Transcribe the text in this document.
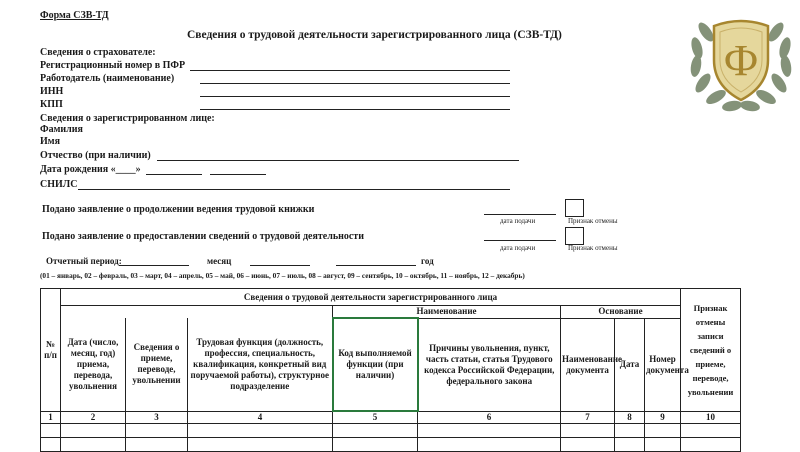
Форма СЗВ-ТД
Сведения о трудовой деятельности зарегистрированного лица (СЗВ-ТД)
Ф
Сведения о страхователе:
Регистрационный номер в ПФР
Работодатель (наименование)
ИНН
КПП
Сведения о зарегистрированном лице:
Фамилия
Имя
Отчество (при наличии)
Дата рождения «____»
СНИЛС
Подано заявление о продолжении ведения трудовой книжки
дата подачи	Признак отмены
Подано заявление о предоставлении сведений о трудовой деятельности
дата подачи	Признак отмены
Отчетный период:	месяц	год
(01 – январь, 02 – февраль, 03 – март, 04 – апрель, 05 – май, 06 – июнь, 07 – июль, 08 – август, 09 – сентябрь, 10 – октябрь, 11 – ноябрь, 12 – декабрь)
№ п/п	Сведения о трудовой деятельности зарегистрированного лица								Признак отмены записи сведений о приеме, переводе, увольнении
				Наименование		Основание			
	Дата (число, месяц, год) приема, перевода, увольнения	Сведения о приеме, переводе, увольнении	Трудовая функция (должность, профессия, специальность, квалификация, конкретный вид поручаемой работы), структурное подразделение	Код выполняемой функции (при наличии)	Причины увольнения, пункт, часть статьи, статья Трудового кодекса Российской Федерации, федерального закона	Наименование документа	Дата	Номер документа	
1	2	3	4	5	6	7	8	9	10
